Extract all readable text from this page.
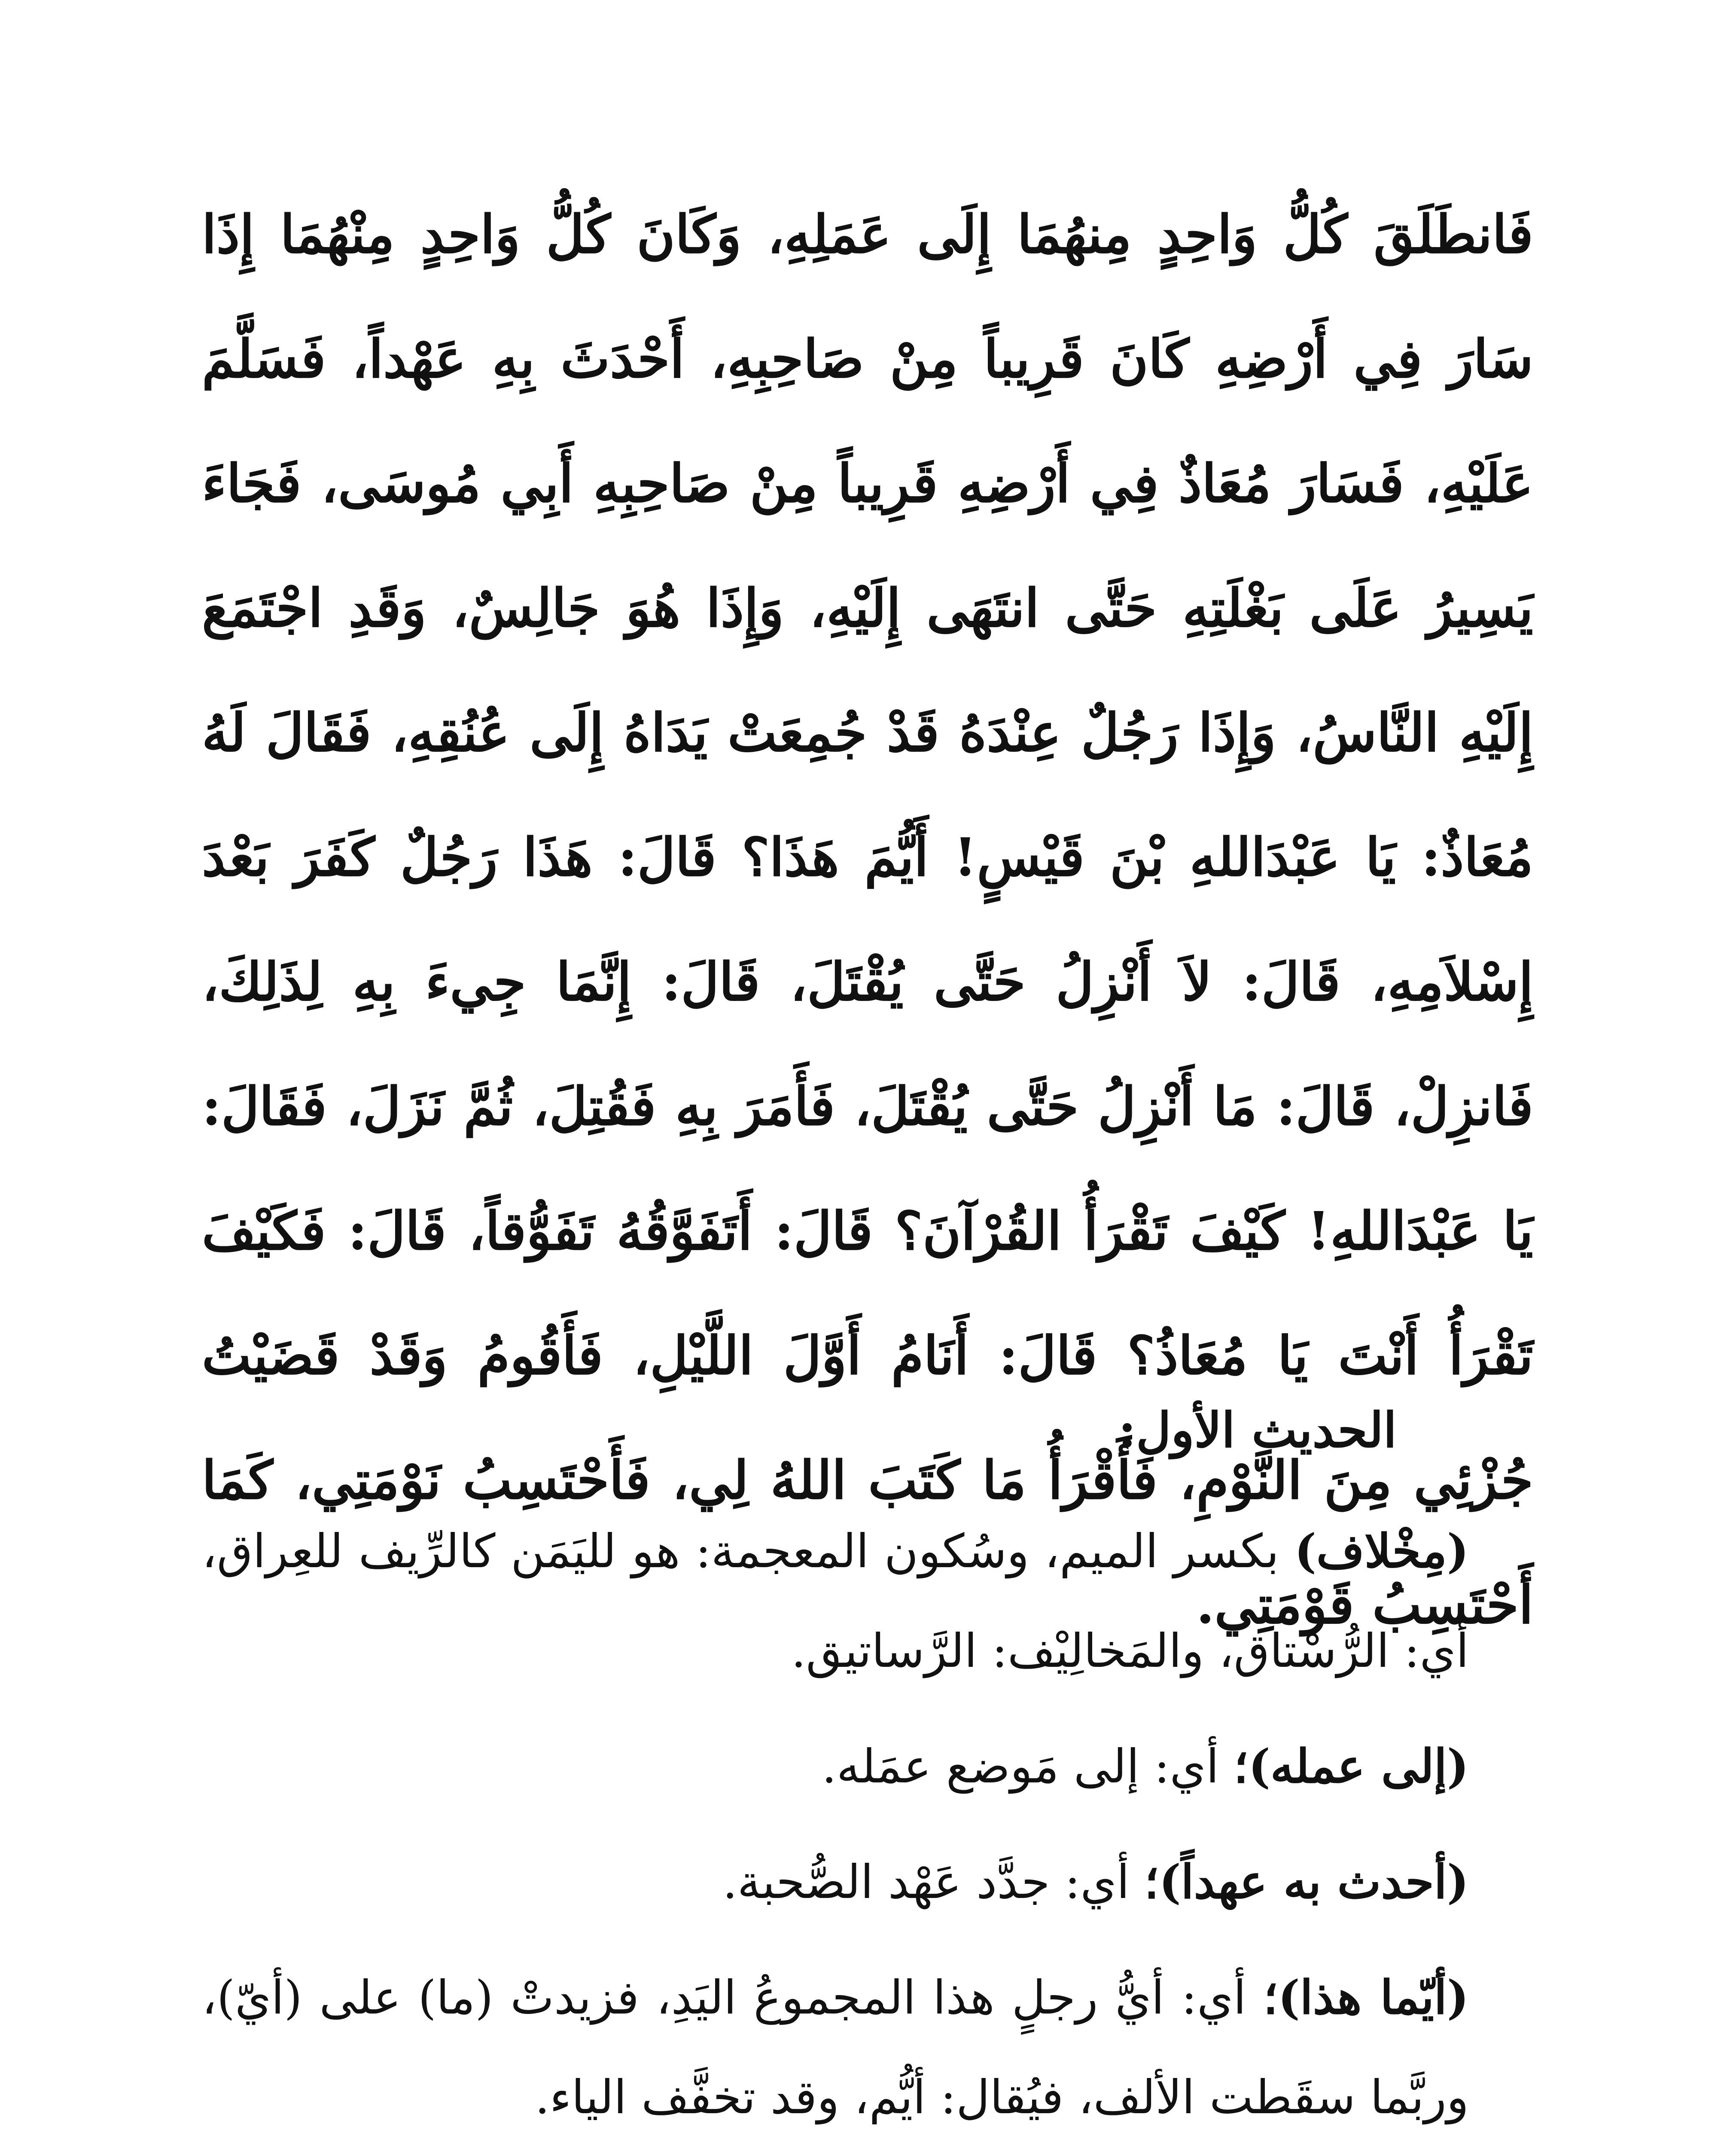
فَانطَلَقَ كُلُّ وَاحِدٍ مِنهُمَا إِلَى عَمَلِهِ، وَكَانَ كُلُّ وَاحِدٍ مِنْهُمَا إِذَا سَارَ فِي أَرْضِهِ كَانَ قَرِيباً مِنْ صَاحِبِهِ، أَحْدَثَ بِهِ عَهْداً، فَسَلَّمَ عَلَيْهِ، فَسَارَ مُعَاذٌ فِي أَرْضِهِ قَرِيباً مِنْ صَاحِبِهِ أَبِي مُوسَى، فَجَاءَ يَسِيرُ عَلَى بَغْلَتِهِ حَتَّى انتَهَى إِلَيْهِ، وَإِذَا هُوَ جَالِسٌ، وَقَدِ اجْتَمَعَ إِلَيْهِ النَّاسُ، وَإِذَا رَجُلٌ عِنْدَهُ قَدْ جُمِعَتْ يَدَاهُ إِلَى عُنُقِهِ، فَقَالَ لَهُ مُعَاذٌ: يَا عَبْدَاللهِ بْنَ قَيْسٍ! أَيُّمَ هَذَا؟ قَالَ: هَذَا رَجُلٌ كَفَرَ بَعْدَ إِسْلاَمِهِ، قَالَ: لاَ أَنْزِلُ حَتَّى يُقْتَلَ، قَالَ: إِنَّمَا جِيءَ بِهِ لِذَلِكَ، فَانزِلْ، قَالَ: مَا أَنْزِلُ حَتَّى يُقْتَلَ، فَأَمَرَ بِهِ فَقُتِلَ، ثُمَّ نَزَلَ، فَقَالَ: يَا عَبْدَاللهِ! كَيْفَ تَقْرَأُ القُرْآنَ؟ قَالَ: أَتَفَوَّقُهُ تَفَوُّقاً، قَالَ: فَكَيْفَ تَقْرَأُ أَنْتَ يَا مُعَاذُ؟ قَالَ: أَنَامُ أَوَّلَ اللَّيْلِ، فَأَقُومُ وَقَدْ قَضَيْتُ جُزْئِي مِنَ النَّوْمِ، فَأَقْرَأُ مَا كَتَبَ اللهُ لِي، فَأَحْتَسِبُ نَوْمَتِي، كَمَا أَحْتَسِبُ قَوْمَتِي.

الحديث الأول:

(مِخْلاف) بكسر الميم، وسُكون المعجمة: هو لليَمَن كالرِّيف للعِراق، أي: الرُّسْتاق، والمَخالِيْف: الرَّساتيق.

(إلى عمله)؛ أي: إلى مَوضع عمَله.

(أحدث به عهداً)؛ أي: جدَّد عَهْد الصُّحبة.

(أيّما هذا)؛ أي: أيُّ رجلٍ هذا المجموعُ اليَدِ، فزيدتْ (ما) على (أيّ)، وربَّما سقَطت الألف، فيُقال: أيُّم، وقد تخفَّف الياء.
